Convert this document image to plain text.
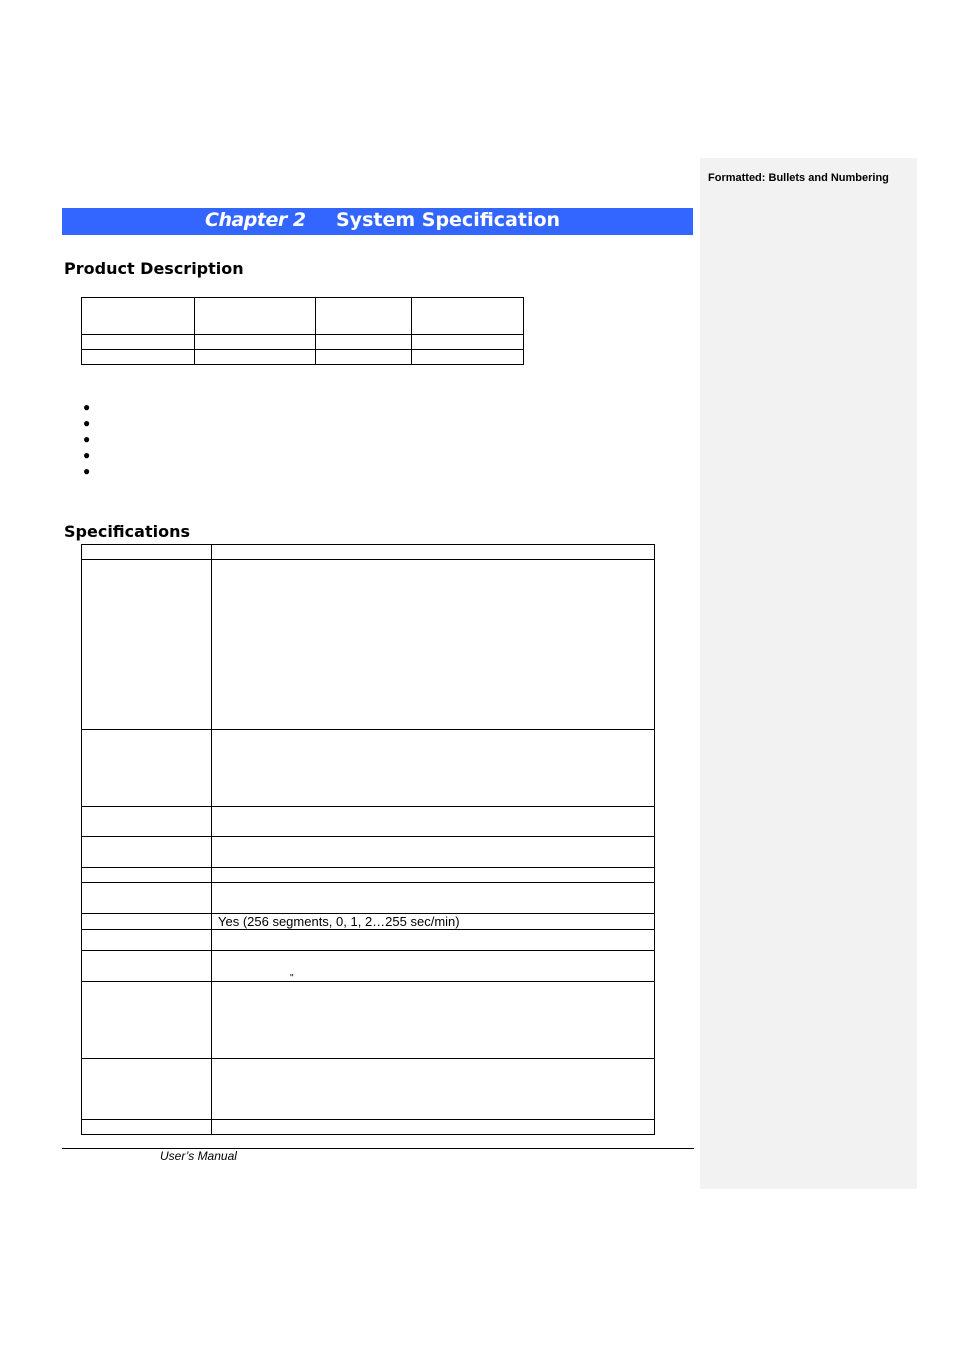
Formatted: Bullets and Numbering
Chapter 2 System Specification
Product Description

●
●
●
●
●
Specifications

	Yes (256 segments, 0, 1, 2…255 sec/min)

"
User’s Manual
